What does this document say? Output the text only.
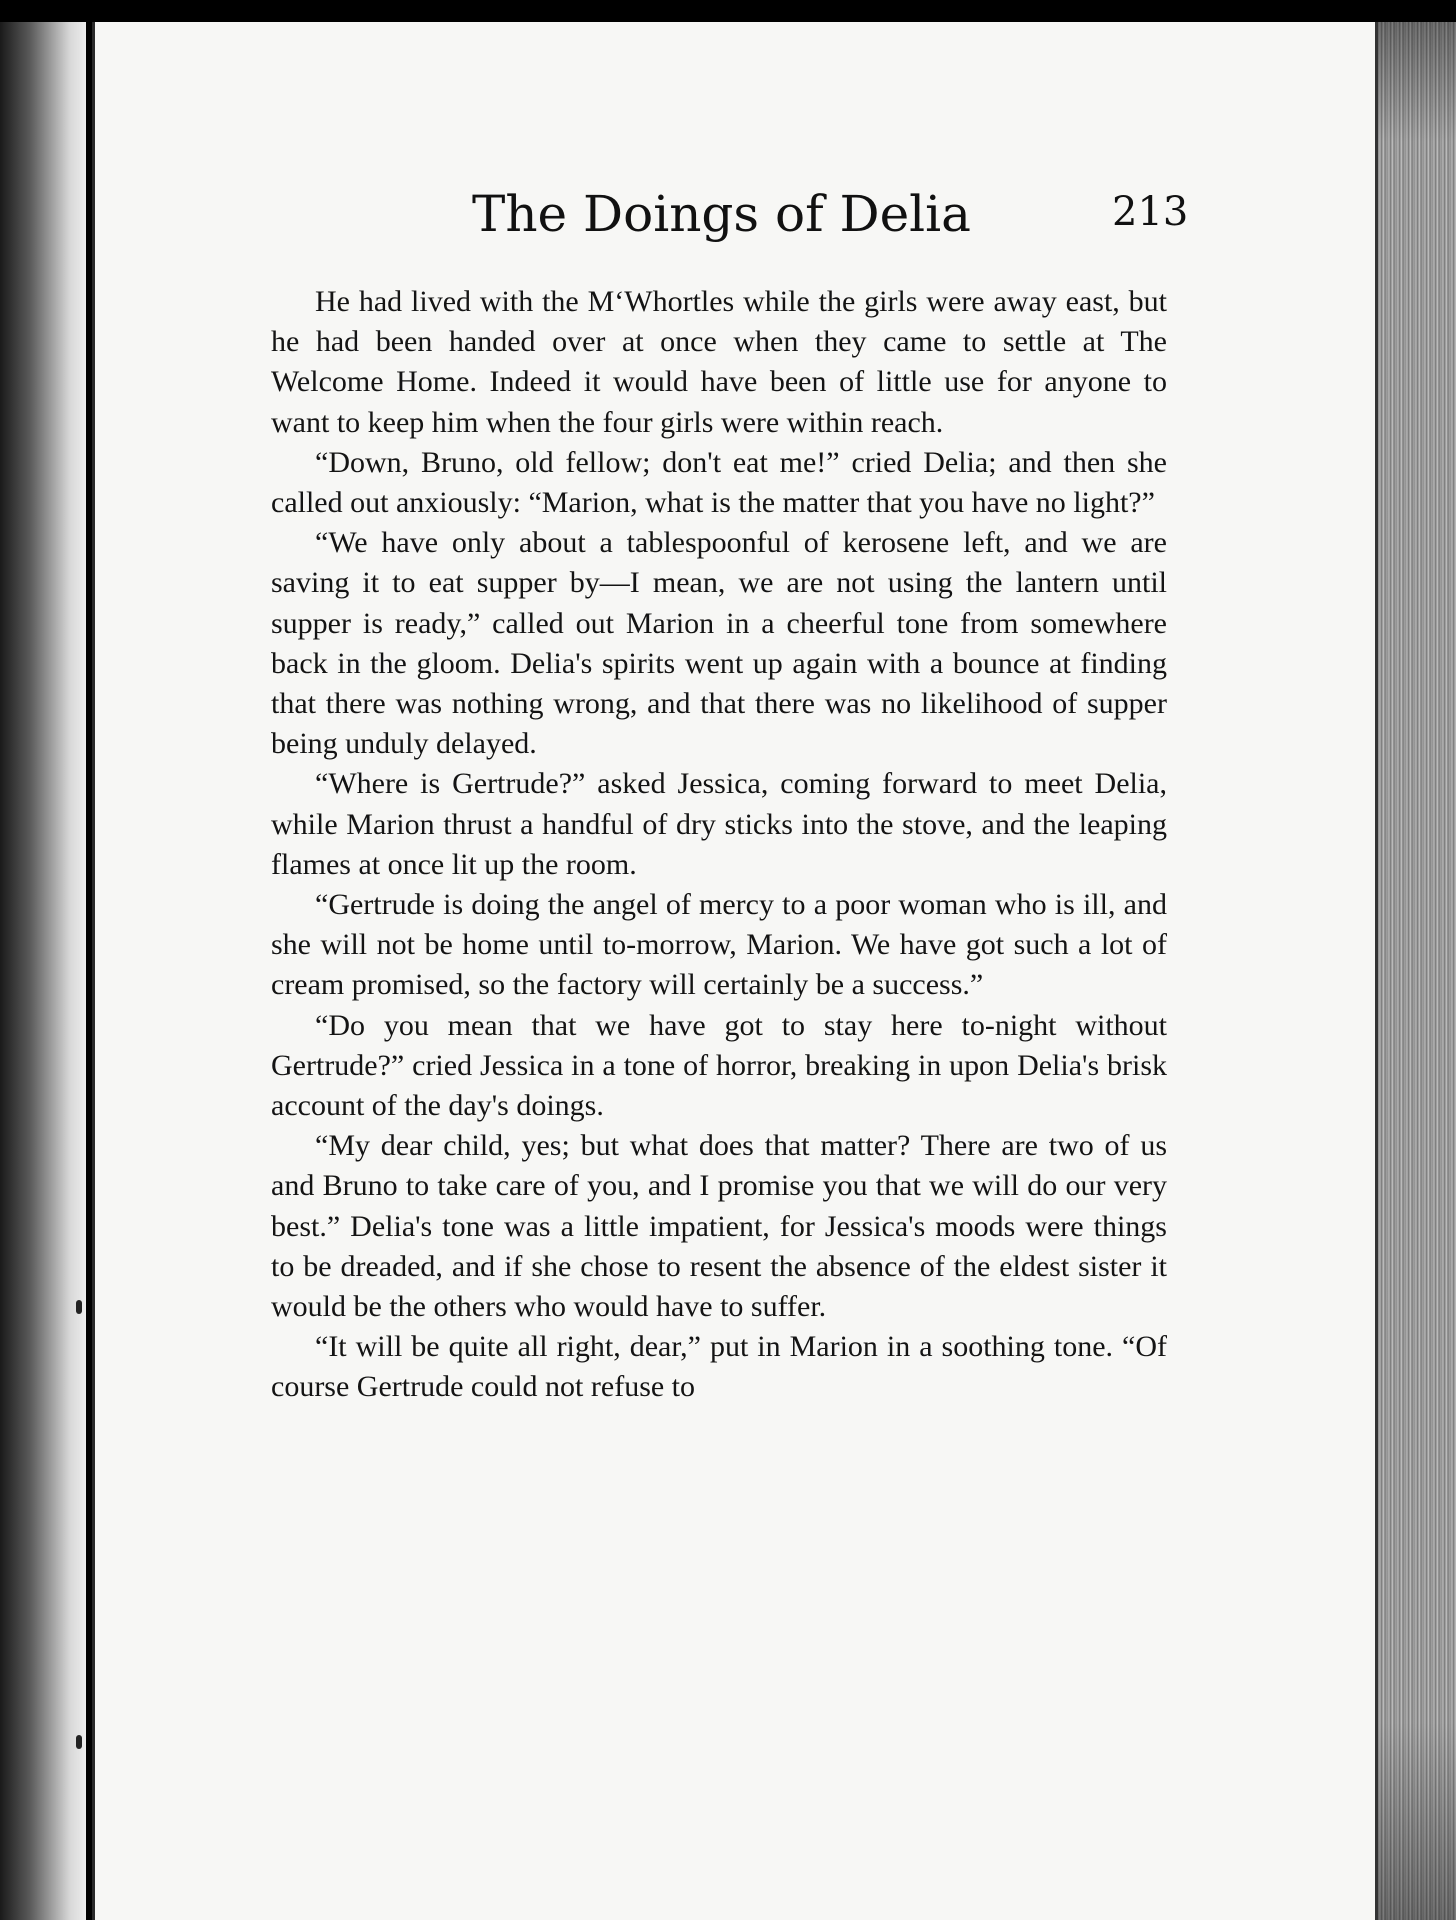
The Doings of Delia	213

He had lived with the M‘Whortles while the girls were away east, but he had been handed over at once when they came to settle at The Welcome Home. Indeed it would have been of little use for anyone to want to keep him when the four girls were within reach.

“Down, Bruno, old fellow; don't eat me!” cried Delia; and then she called out anxiously: “Marion, what is the matter that you have no light?”

“We have only about a tablespoonful of kerosene left, and we are saving it to eat supper by—I mean, we are not using the lantern until supper is ready,” called out Marion in a cheerful tone from somewhere back in the gloom. Delia's spirits went up again with a bounce at finding that there was nothing wrong, and that there was no likelihood of supper being unduly delayed.

“Where is Gertrude?” asked Jessica, coming forward to meet Delia, while Marion thrust a handful of dry sticks into the stove, and the leaping flames at once lit up the room.

“Gertrude is doing the angel of mercy to a poor woman who is ill, and she will not be home until to-morrow, Marion. We have got such a lot of cream promised, so the factory will certainly be a success.”

“Do you mean that we have got to stay here to-night without Gertrude?” cried Jessica in a tone of horror, breaking in upon Delia's brisk account of the day's doings.

“My dear child, yes; but what does that matter? There are two of us and Bruno to take care of you, and I promise you that we will do our very best.” Delia's tone was a little impatient, for Jessica's moods were things to be dreaded, and if she chose to resent the absence of the eldest sister it would be the others who would have to suffer.

“It will be quite all right, dear,” put in Marion in a soothing tone. “Of course Gertrude could not refuse to
